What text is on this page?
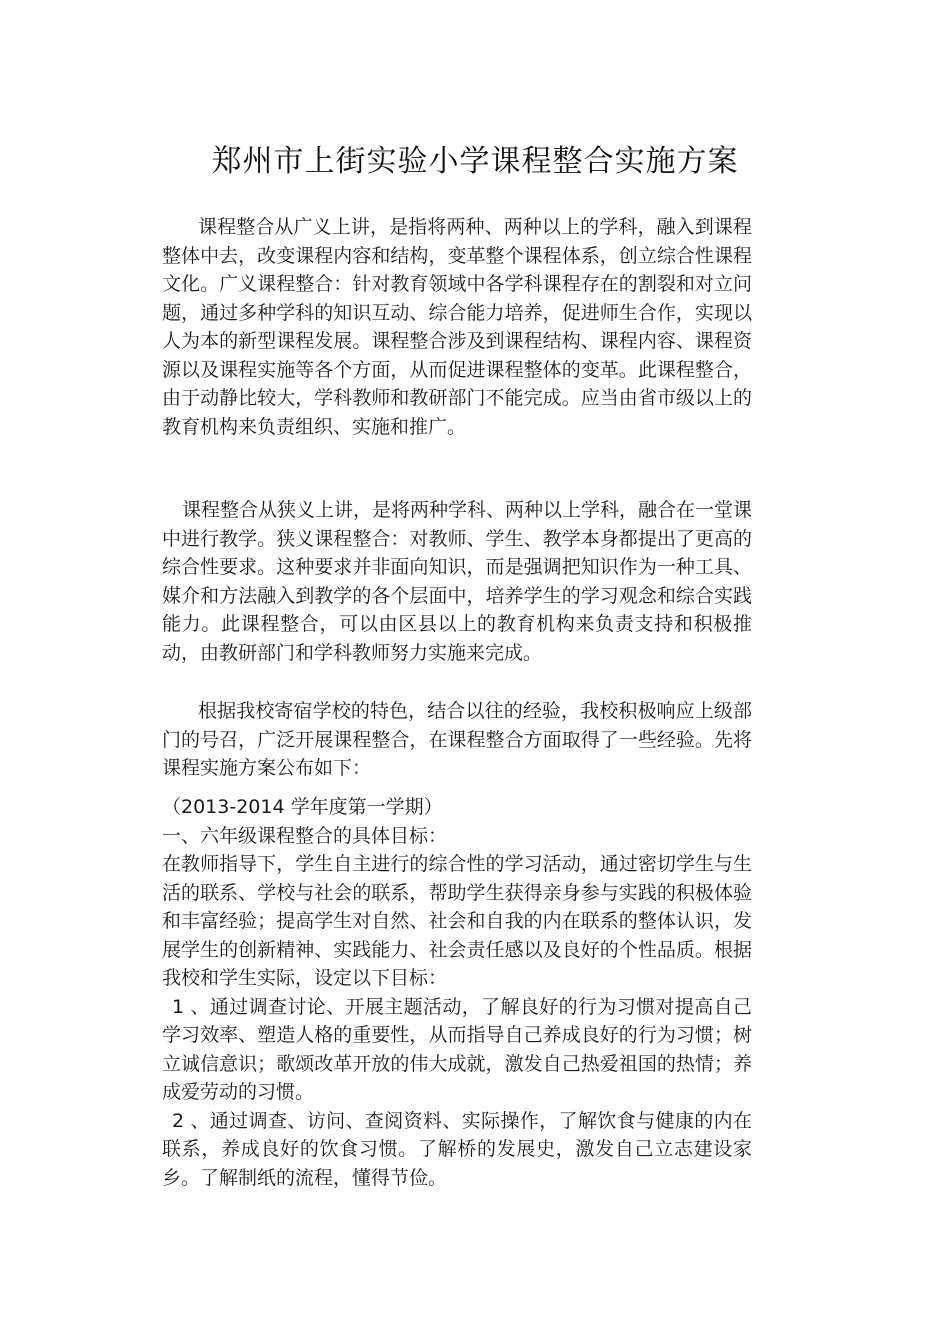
郑州市上街实验小学课程整合实施方案

课程整合从广义上讲，是指将两种、两种以上的学科，融入到课程整体中去，改变课程内容和结构，变革整个课程体系，创立综合性课程文化。广义课程整合：针对教育领域中各学科课程存在的割裂和对立问题，通过多种学科的知识互动、综合能力培养，促进师生合作，实现以人为本的新型课程发展。课程整合涉及到课程结构、课程内容、课程资源以及课程实施等各个方面，从而促进课程整体的变革。此课程整合，由于动静比较大，学科教师和教研部门不能完成。应当由省市级以上的教育机构来负责组织、实施和推广。

课程整合从狭义上讲，是将两种学科、两种以上学科，融合在一堂课中进行教学。狭义课程整合：对教师、学生、教学本身都提出了更高的综合性要求。这种要求并非面向知识，而是强调把知识作为一种工具、媒介和方法融入到教学的各个层面中，培养学生的学习观念和综合实践能力。此课程整合，可以由区县以上的教育机构来负责支持和积极推动，由教研部门和学科教师努力实施来完成。

根据我校寄宿学校的特色，结合以往的经验，我校积极响应上级部门的号召，广泛开展课程整合，在课程整合方面取得了一些经验。先将课程实施方案公布如下：

（2013-2014 学年度第一学期）

一、六年级课程整合的具体目标：

在教师指导下，学生自主进行的综合性的学习活动，通过密切学生与生活的联系、学校与社会的联系，帮助学生获得亲身参与实践的积极体验和丰富经验；提高学生对自然、社会和自我的内在联系的整体认识，发展学生的创新精神、实践能力、社会责任感以及良好的个性品质。根据我校和学生实际，设定以下目标：

1 、通过调查讨论、开展主题活动，了解良好的行为习惯对提高自己学习效率、塑造人格的重要性，从而指导自己养成良好的行为习惯；树立诚信意识；歌颂改革开放的伟大成就，激发自己热爱祖国的热情；养成爱劳动的习惯。

2 、通过调查、访问、查阅资料、实际操作，了解饮食与健康的内在联系，养成良好的饮食习惯。了解桥的发展史，激发自己立志建设家乡。了解制纸的流程，懂得节俭。
